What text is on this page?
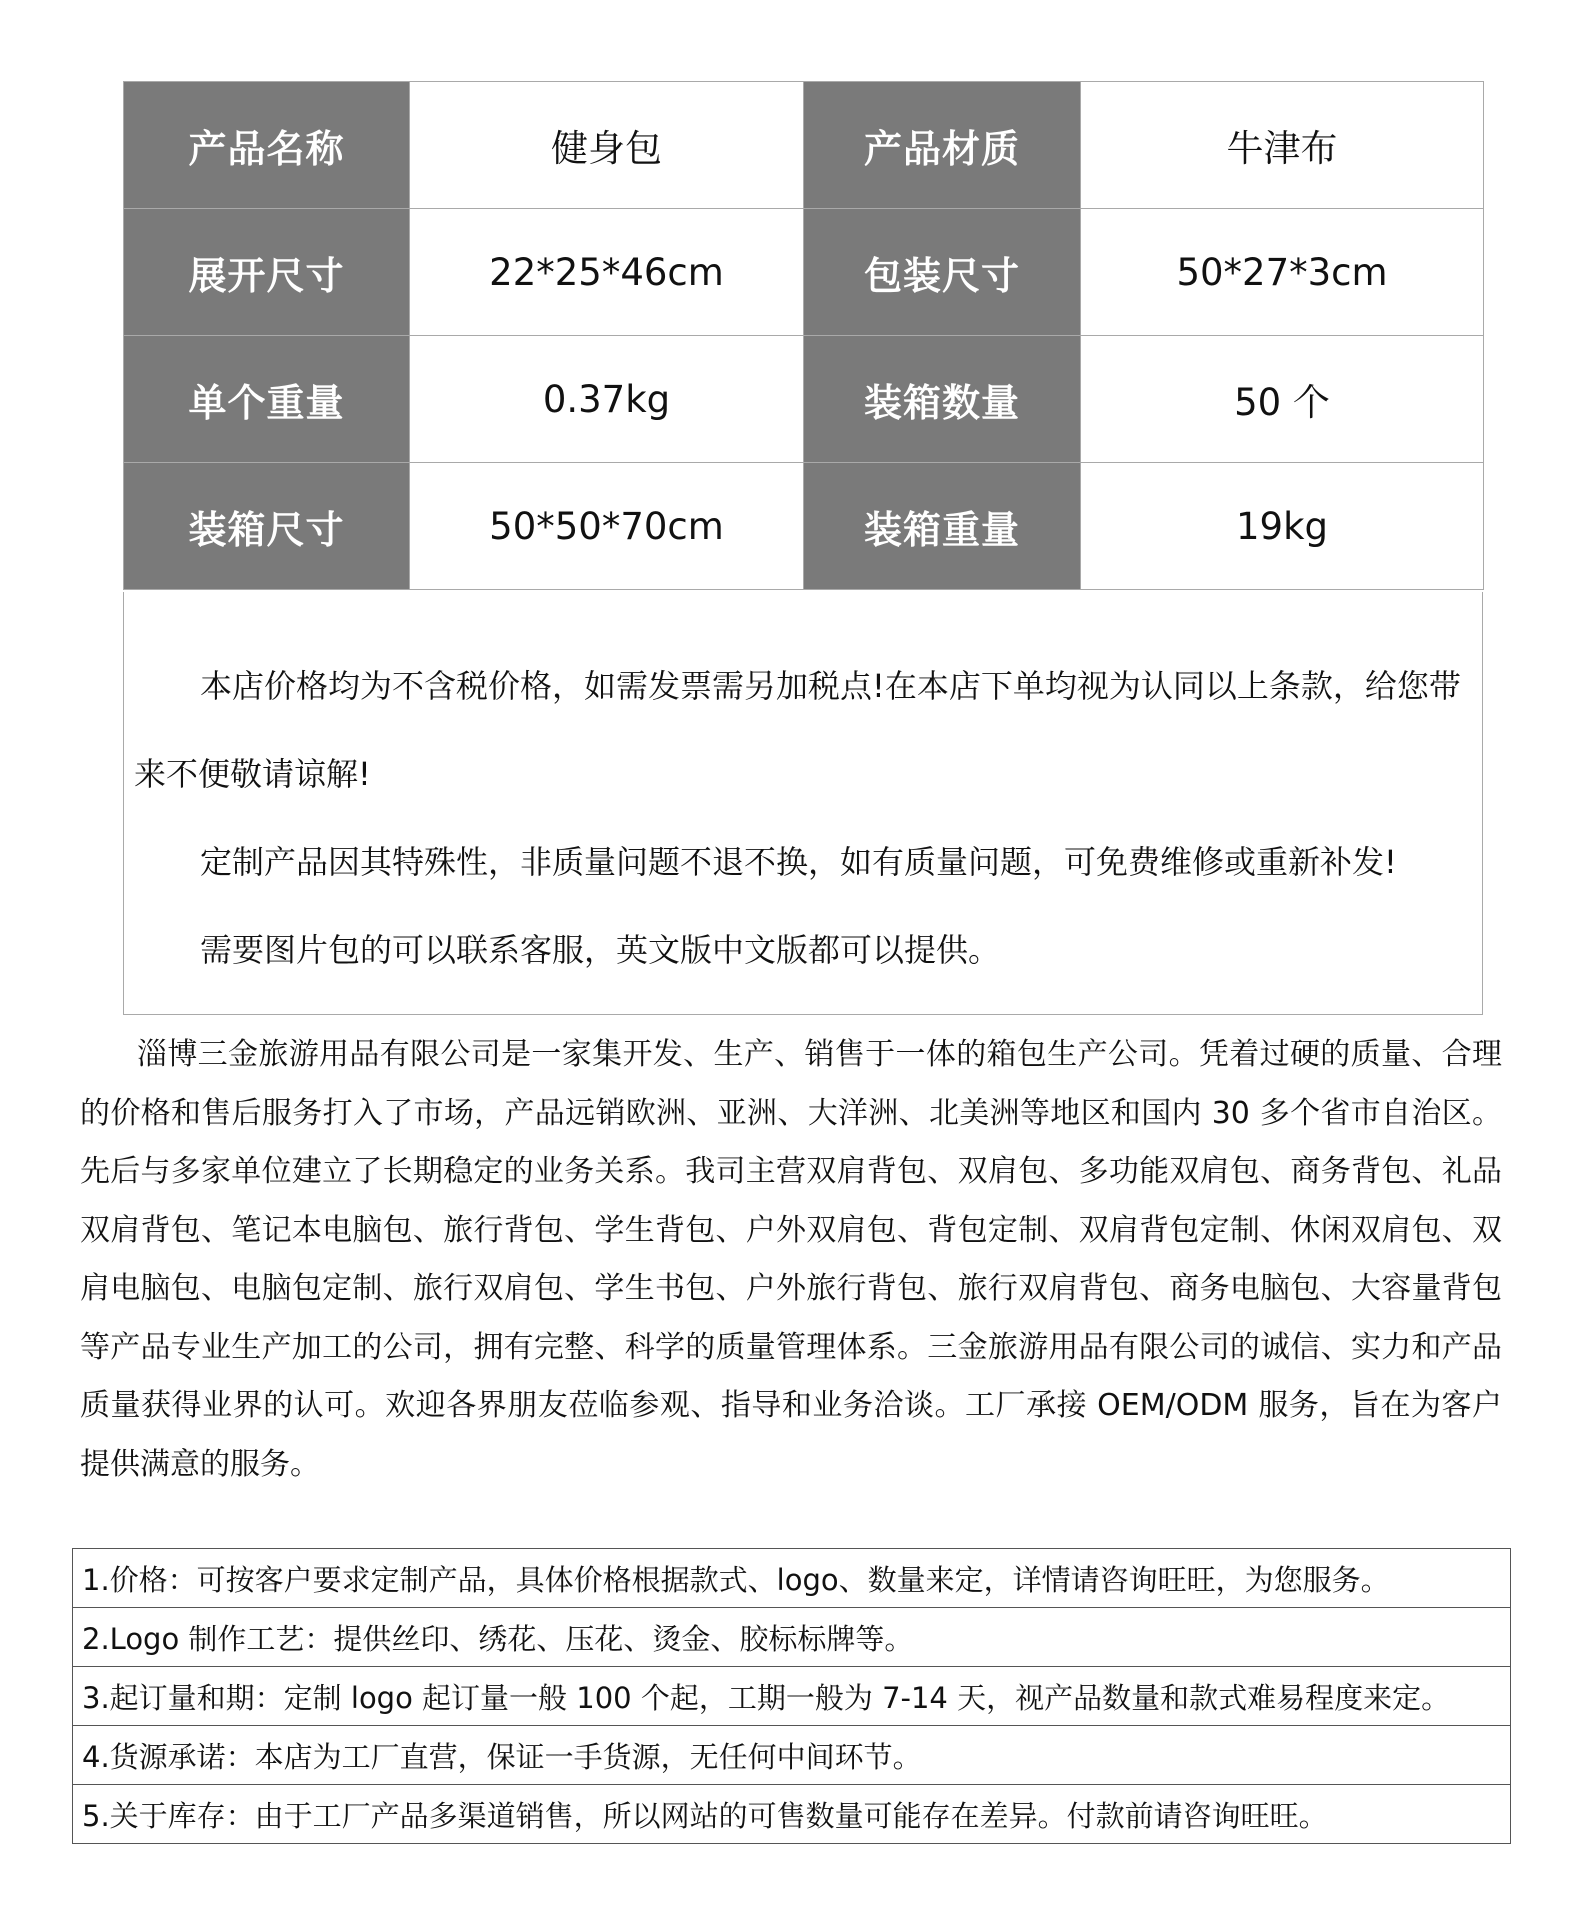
产品名称	健身包	产品材质	牛津布
展开尺寸	22*25*46cm	包装尺寸	50*27*3cm
单个重量	0.37kg	装箱数量	50 个
装箱尺寸	50*50*70cm	装箱重量	19kg

本店价格均为不含税价格，如需发票需另加税点!在本店下单均视为认同以上条款，给您带来不便敬请谅解!

定制产品因其特殊性，非质量问题不退不换，如有质量问题，可免费维修或重新补发!

需要图片包的可以联系客服，英文版中文版都可以提供。

淄博三金旅游用品有限公司是一家集开发、生产、销售于一体的箱包生产公司。凭着过硬的质量、合理的价格和售后服务打入了市场，产品远销欧洲、亚洲、大洋洲、北美洲等地区和国内 30 多个省市自治区。先后与多家单位建立了长期稳定的业务关系。我司主营双肩背包、双肩包、多功能双肩包、商务背包、礼品双肩背包、笔记本电脑包、旅行背包、学生背包、户外双肩包、背包定制、双肩背包定制、休闲双肩包、双肩电脑包、电脑包定制、旅行双肩包、学生书包、户外旅行背包、旅行双肩背包、商务电脑包、大容量背包等产品专业生产加工的公司，拥有完整、科学的质量管理体系。三金旅游用品有限公司的诚信、实力和产品质量获得业界的认可。欢迎各界朋友莅临参观、指导和业务洽谈。工厂承接 OEM/ODM 服务，旨在为客户提供满意的服务。

1.价格：可按客户要求定制产品，具体价格根据款式、logo、数量来定，详情请咨询旺旺，为您服务。
2.Logo 制作工艺：提供丝印、绣花、压花、烫金、胶标标牌等。
3.起订量和期：定制 logo 起订量一般 100 个起，工期一般为 7-14 天，视产品数量和款式难易程度来定。
4.货源承诺：本店为工厂直营，保证一手货源，无任何中间环节。
5.关于库存：由于工厂产品多渠道销售，所以网站的可售数量可能存在差异。付款前请咨询旺旺。
